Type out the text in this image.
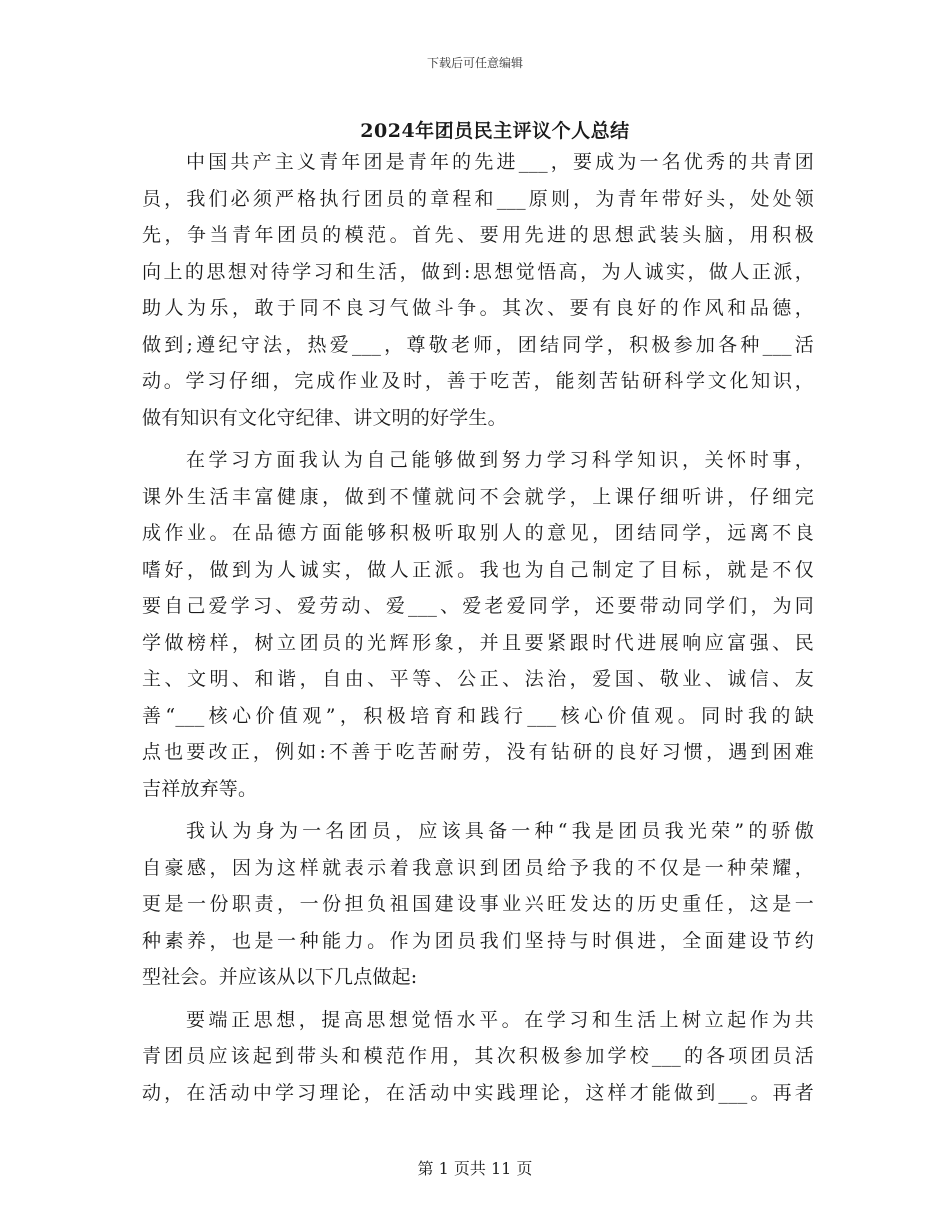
下载后可任意编辑
2024年团员民主评议个人总结
中国共产主义青年团是青年的先进___，要成为一名优秀的共青团
员，我们必须严格执行团员的章程和___原则，为青年带好头，处处领
先，争当青年团员的模范。首先、要用先进的思想武装头脑，用积极
向上的思想对待学习和生活，做到:思想觉悟高，为人诚实，做人正派，
助人为乐，敢于同不良习气做斗争。其次、要有良好的作风和品德，
做到;遵纪守法，热爱___，尊敬老师，团结同学，积极参加各种___活
动。学习仔细，完成作业及时，善于吃苦，能刻苦钻研科学文化知识，
做有知识有文化守纪律、讲文明的好学生。
在学习方面我认为自己能够做到努力学习科学知识，关怀时事，
课外生活丰富健康，做到不懂就问不会就学，上课仔细听讲，仔细完
成作业。在品德方面能够积极听取别人的意见，团结同学，远离不良
嗜好，做到为人诚实，做人正派。我也为自己制定了目标，就是不仅
要自己爱学习、爱劳动、爱___、爱老爱同学，还要带动同学们，为同
学做榜样，树立团员的光辉形象，并且要紧跟时代进展响应富强、民
主、文明、和谐，自由、平等、公正、法治，爱国、敬业、诚信、友
善“___核心价值观”，积极培育和践行___核心价值观。同时我的缺
点也要改正，例如:不善于吃苦耐劳，没有钻研的良好习惯，遇到困难
吉祥放弃等。
我认为身为一名团员，应该具备一种“我是团员我光荣”的骄傲
自豪感，因为这样就表示着我意识到团员给予我的不仅是一种荣耀，
更是一份职责，一份担负祖国建设事业兴旺发达的历史重任，这是一
种素养，也是一种能力。作为团员我们坚持与时俱进，全面建设节约
型社会。并应该从以下几点做起:
要端正思想，提高思想觉悟水平。在学习和生活上树立起作为共
青团员应该起到带头和模范作用，其次积极参加学校___的各项团员活
动，在活动中学习理论，在活动中实践理论，这样才能做到___。再者
第 1 页共 11 页
